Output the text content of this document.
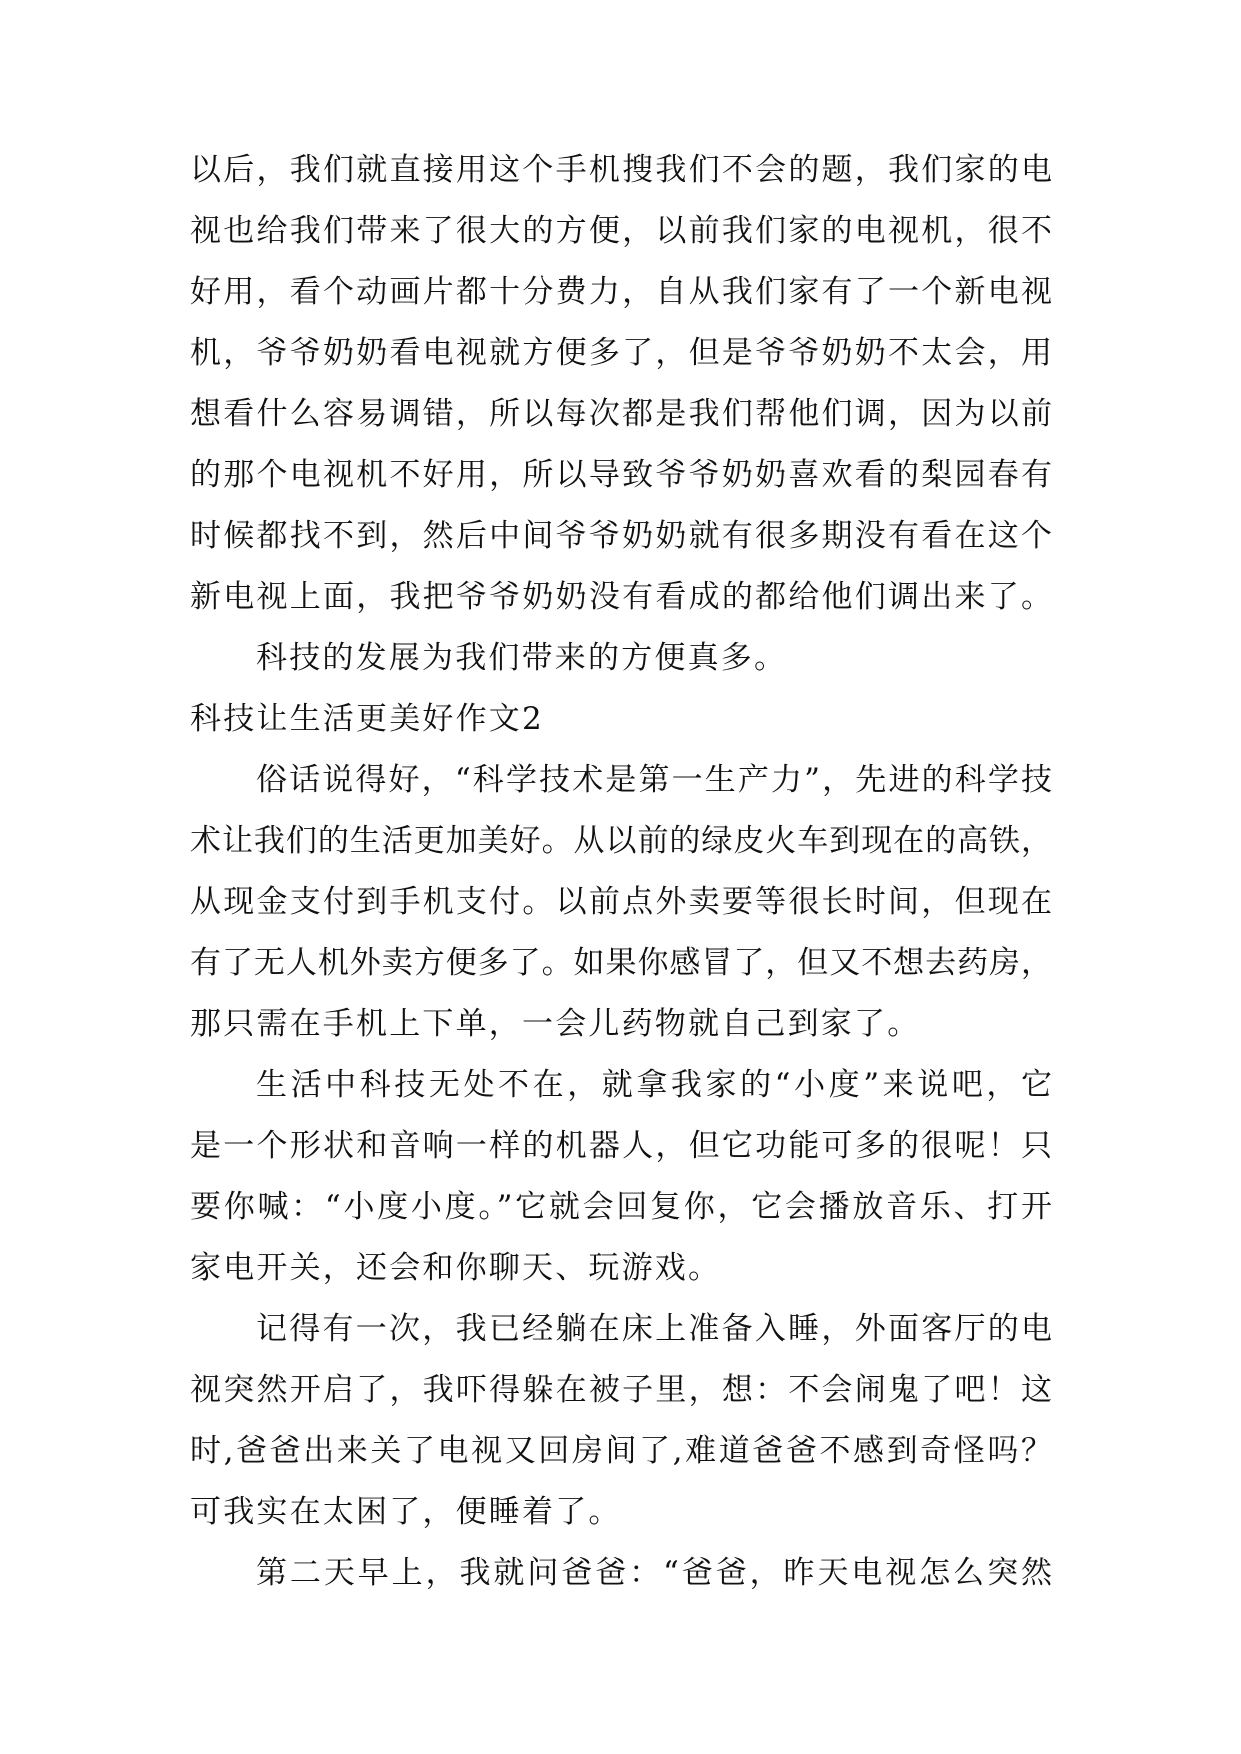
以后，我们就直接用这个手机搜我们不会的题，我们家的电
视也给我们带来了很大的方便，以前我们家的电视机，很不
好用，看个动画片都十分费力，自从我们家有了一个新电视
机，爷爷奶奶看电视就方便多了，但是爷爷奶奶不太会，用
想看什么容易调错，所以每次都是我们帮他们调，因为以前
的那个电视机不好用，所以导致爷爷奶奶喜欢看的梨园春有
时候都找不到，然后中间爷爷奶奶就有很多期没有看在这个
新电视上面，我把爷爷奶奶没有看成的都给他们调出来了。
科技的发展为我们带来的方便真多。
科技让生活更美好作文2
俗话说得好，“科学技术是第一生产力”，先进的科学技
术让我们的生活更加美好。从以前的绿皮火车到现在的高铁，
从现金支付到手机支付。以前点外卖要等很长时间，但现在
有了无人机外卖方便多了。如果你感冒了，但又不想去药房，
那只需在手机上下单，一会儿药物就自己到家了。
生活中科技无处不在，就拿我家的“小度”来说吧，它
是一个形状和音响一样的机器人，但它功能可多的很呢！只
要你喊：“小度小度。”它就会回复你，它会播放音乐、打开
家电开关，还会和你聊天、玩游戏。
记得有一次，我已经躺在床上准备入睡，外面客厅的电
视突然开启了，我吓得躲在被子里，想：不会闹鬼了吧！这
时,爸爸出来关了电视又回房间了,难道爸爸不感到奇怪吗？
可我实在太困了，便睡着了。
第二天早上，我就问爸爸：“爸爸，昨天电视怎么突然
